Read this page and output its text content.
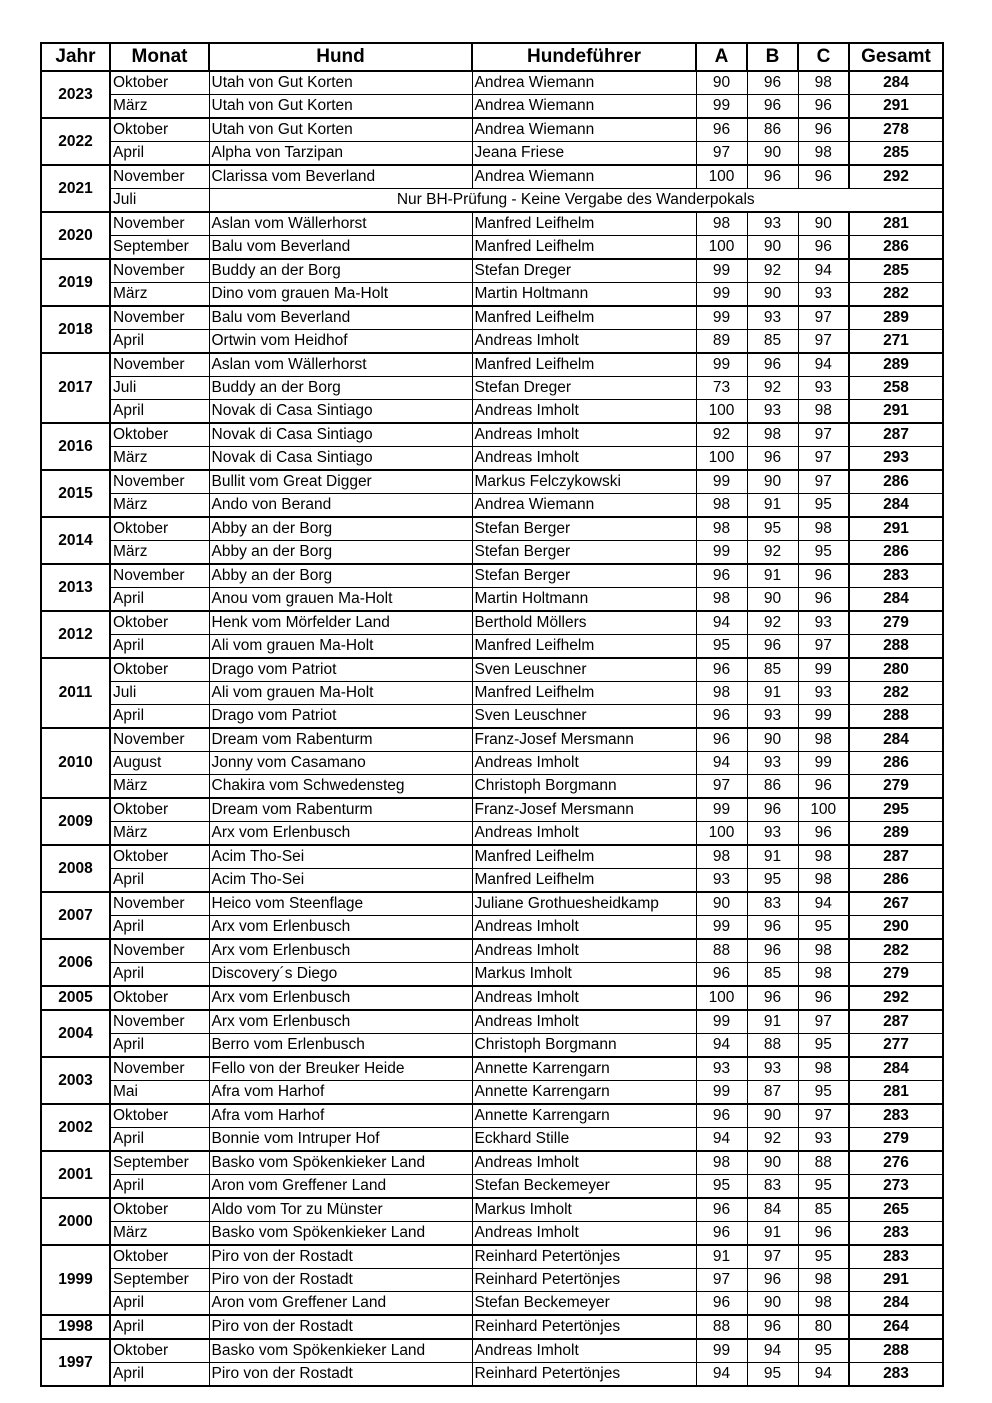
Jahr	Monat	Hund	Hundeführer	A	B	C	Gesamt
2023	Oktober	Utah von Gut Korten	Andrea Wiemann	90	96	98	284
	März	Utah von Gut Korten	Andrea Wiemann	99	96	96	291
2022	Oktober	Utah von Gut Korten	Andrea Wiemann	96	86	96	278
	April	Alpha von Tarzipan	Jeana Friese	97	90	98	285
2021	November	Clarissa vom Beverland	Andrea Wiemann	100	96	96	292
	Juli	Nur BH-Prüfung - Keine Vergabe des Wanderpokals					
2020	November	Aslan vom Wällerhorst	Manfred Leifhelm	98	93	90	281
	September	Balu vom Beverland	Manfred Leifhelm	100	90	96	286
2019	November	Buddy an der Borg	Stefan Dreger	99	92	94	285
	März	Dino vom grauen Ma-Holt	Martin Holtmann	99	90	93	282
2018	November	Balu vom Beverland	Manfred Leifhelm	99	93	97	289
	April	Ortwin vom Heidhof	Andreas Imholt	89	85	97	271
2017	November	Aslan vom Wällerhorst	Manfred Leifhelm	99	96	94	289
	Juli	Buddy an der Borg	Stefan Dreger	73	92	93	258
	April	Novak di Casa Sintiago	Andreas Imholt	100	93	98	291
2016	Oktober	Novak di Casa Sintiago	Andreas Imholt	92	98	97	287
	März	Novak di Casa Sintiago	Andreas Imholt	100	96	97	293
2015	November	Bullit vom Great Digger	Markus Felczykowski	99	90	97	286
	März	Ando von Berand	Andrea Wiemann	98	91	95	284
2014	Oktober	Abby an der Borg	Stefan Berger	98	95	98	291
	März	Abby an der Borg	Stefan Berger	99	92	95	286
2013	November	Abby an der Borg	Stefan Berger	96	91	96	283
	April	Anou vom grauen Ma-Holt	Martin Holtmann	98	90	96	284
2012	Oktober	Henk vom Mörfelder Land	Berthold Möllers	94	92	93	279
	April	Ali vom grauen Ma-Holt	Manfred Leifhelm	95	96	97	288
2011	Oktober	Drago vom Patriot	Sven Leuschner	96	85	99	280
	Juli	Ali vom grauen Ma-Holt	Manfred Leifhelm	98	91	93	282
	April	Drago vom Patriot	Sven Leuschner	96	93	99	288
2010	November	Dream vom Rabenturm	Franz-Josef Mersmann	96	90	98	284
	August	Jonny vom Casamano	Andreas Imholt	94	93	99	286
	März	Chakira vom Schwedensteg	Christoph Borgmann	97	86	96	279
2009	Oktober	Dream vom Rabenturm	Franz-Josef Mersmann	99	96	100	295
	März	Arx vom Erlenbusch	Andreas Imholt	100	93	96	289
2008	Oktober	Acim Tho-Sei	Manfred Leifhelm	98	91	98	287
	April	Acim Tho-Sei	Manfred Leifhelm	93	95	98	286
2007	November	Heico vom Steenflage	Juliane Grothuesheidkamp	90	83	94	267
	April	Arx vom Erlenbusch	Andreas Imholt	99	96	95	290
2006	November	Arx vom Erlenbusch	Andreas Imholt	88	96	98	282
	April	Discovery´s Diego	Markus Imholt	96	85	98	279
2005	Oktober	Arx vom Erlenbusch	Andreas Imholt	100	96	96	292
2004	November	Arx vom Erlenbusch	Andreas Imholt	99	91	97	287
	April	Berro vom Erlenbusch	Christoph Borgmann	94	88	95	277
2003	November	Fello von der Breuker Heide	Annette Karrengarn	93	93	98	284
	Mai	Afra vom Harhof	Annette Karrengarn	99	87	95	281
2002	Oktober	Afra vom Harhof	Annette Karrengarn	96	90	97	283
	April	Bonnie vom Intruper Hof	Eckhard Stille	94	92	93	279
2001	September	Basko vom Spökenkieker Land	Andreas Imholt	98	90	88	276
	April	Aron vom Greffener Land	Stefan Beckemeyer	95	83	95	273
2000	Oktober	Aldo vom Tor zu Münster	Markus Imholt	96	84	85	265
	März	Basko vom Spökenkieker Land	Andreas Imholt	96	91	96	283
1999	Oktober	Piro von der Rostadt	Reinhard Petertönjes	91	97	95	283
	September	Piro von der Rostadt	Reinhard Petertönjes	97	96	98	291
	April	Aron vom Greffener Land	Stefan Beckemeyer	96	90	98	284
1998	April	Piro von der Rostadt	Reinhard Petertönjes	88	96	80	264
1997	Oktober	Basko vom Spökenkieker Land	Andreas Imholt	99	94	95	288
	April	Piro von der Rostadt	Reinhard Petertönjes	94	95	94	283
